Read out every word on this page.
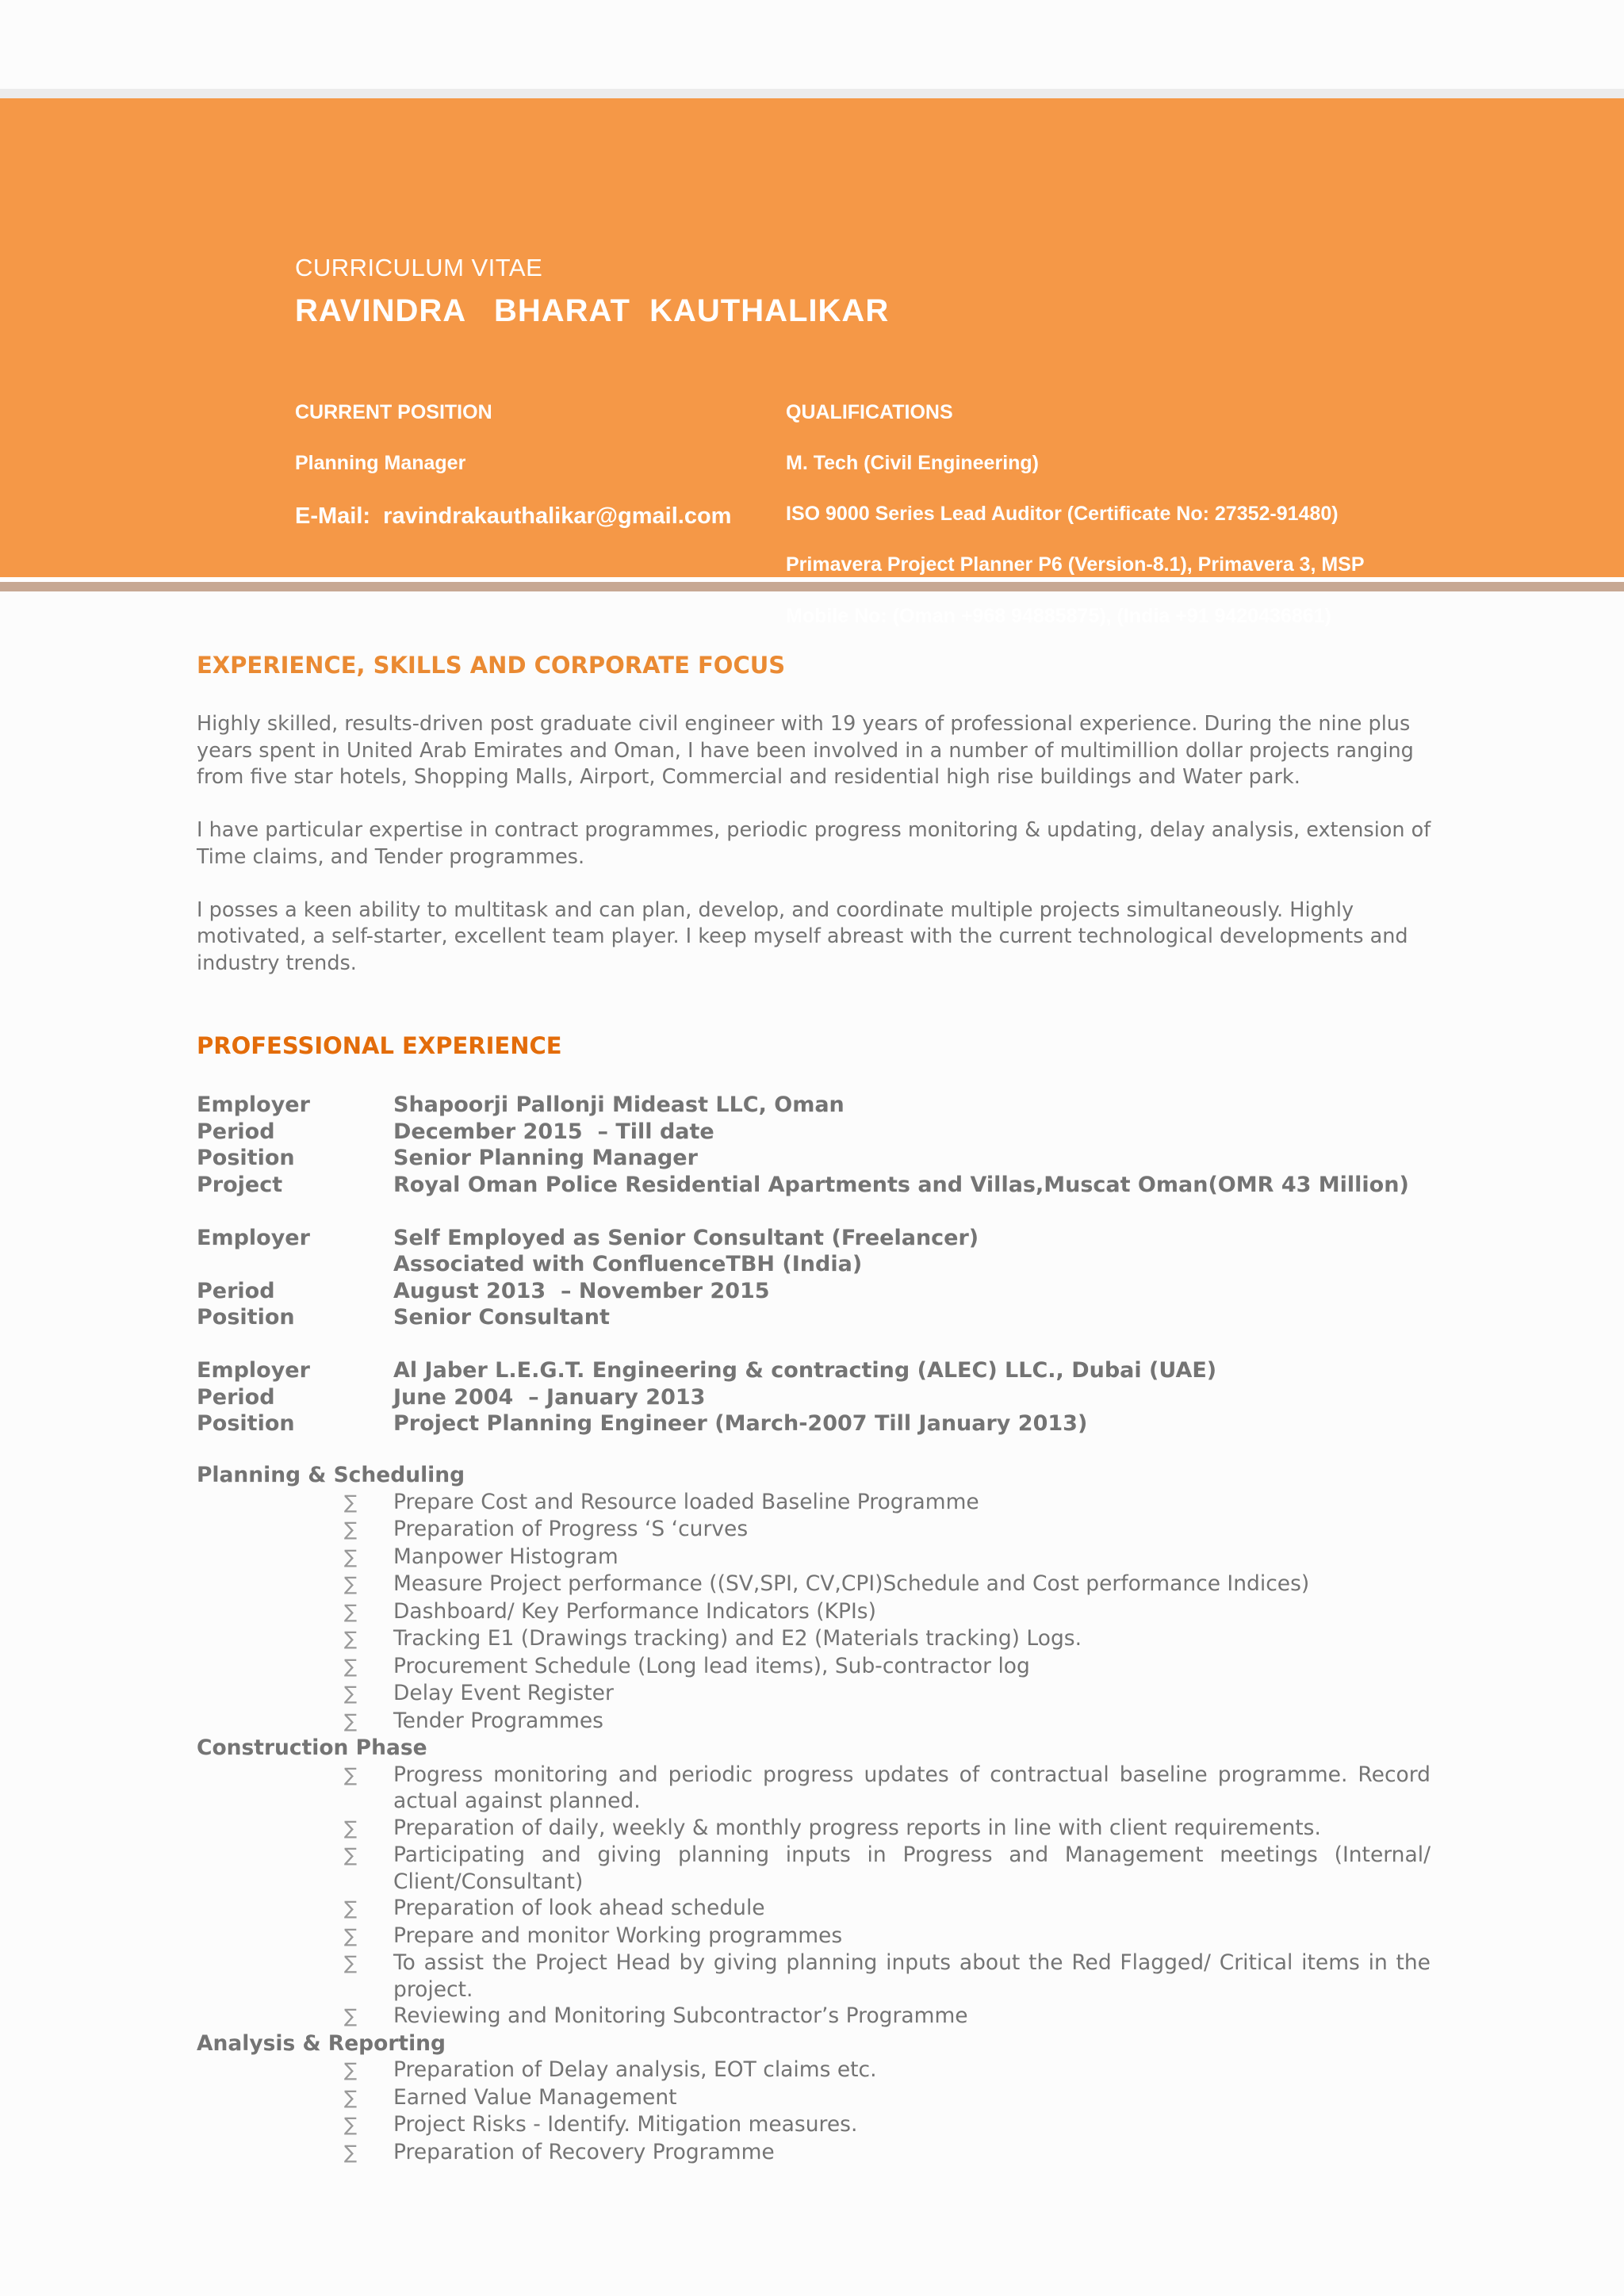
CURRICULUM VITAE
RAVINDRA   BHARAT  KAUTHALIKAR
CURRENT POSITION
Planning Manager
E-Mail:  ravindrakauthalikar@gmail.com
QUALIFICATIONS
M. Tech (Civil Engineering)
ISO 9000 Series Lead Auditor (Certificate No: 27352-91480)
Primavera Project Planner P6 (Version-8.1), Primavera 3, MSP
Mobile No: (Oman +968 94885875), (India +91 9420436861)
EXPERIENCE, SKILLS AND CORPORATE FOCUS

Highly skilled, results-driven post graduate civil engineer with 19 years of professional experience. During the nine plus years spent in United Arab Emirates and Oman, I have been involved in a number of multimillion dollar projects ranging from five star hotels, Shopping Malls, Airport, Commercial and residential high rise buildings and Water park.

I have particular expertise in contract programmes, periodic progress monitoring & updating, delay analysis, extension of Time claims, and Tender programmes.

I posses a keen ability to multitask and can plan, develop, and coordinate multiple projects simultaneously. Highly motivated, a self-starter, excellent team player. I keep myself abreast with the current technological developments and industry trends.

PROFESSIONAL EXPERIENCE
Employer	Shapoorji Pallonji Mideast LLC, Oman
Period	December 2015  – Till date
Position	Senior Planning Manager
Project	Royal Oman Police Residential Apartments and Villas,Muscat Oman(OMR 43 Million)
Employer	Self Employed as Senior Consultant (Freelancer)
Associated with ConfluenceTBH (India)
Period	August 2013  – November 2015
Position	Senior Consultant
Employer	Al Jaber L.E.G.T. Engineering & contracting (ALEC) LLC., Dubai (UAE)
Period	June 2004  – January 2013
Position	Project Planning Engineer (March-2007 Till January 2013)
Planning & Scheduling
∑	Prepare Cost and Resource loaded Baseline Programme
∑	Preparation of Progress ‘S ‘curves
∑	Manpower Histogram
∑	Measure Project performance ((SV,SPI, CV,CPI)Schedule and Cost performance Indices)
∑	Dashboard/ Key Performance Indicators (KPIs)
∑	Tracking E1 (Drawings tracking) and E2 (Materials tracking) Logs.
∑	Procurement Schedule (Long lead items), Sub-contractor log
∑	Delay Event Register
∑	Tender Programmes
Construction Phase
∑	Progress monitoring and periodic progress updates of contractual baseline programme. Record actual against planned.
∑	Preparation of daily, weekly & monthly progress reports in line with client requirements.
∑	Participating and giving planning inputs in Progress and Management meetings (Internal/ Client/Consultant)
∑	Preparation of look ahead schedule
∑	Prepare and monitor Working programmes
∑	To assist the Project Head by giving planning inputs about the Red Flagged/ Critical items in the project.
∑	Reviewing and Monitoring Subcontractor’s Programme
Analysis & Reporting
∑	Preparation of Delay analysis, EOT claims etc.
∑	Earned Value Management
∑	Project Risks - Identify. Mitigation measures.
∑	Preparation of Recovery Programme
